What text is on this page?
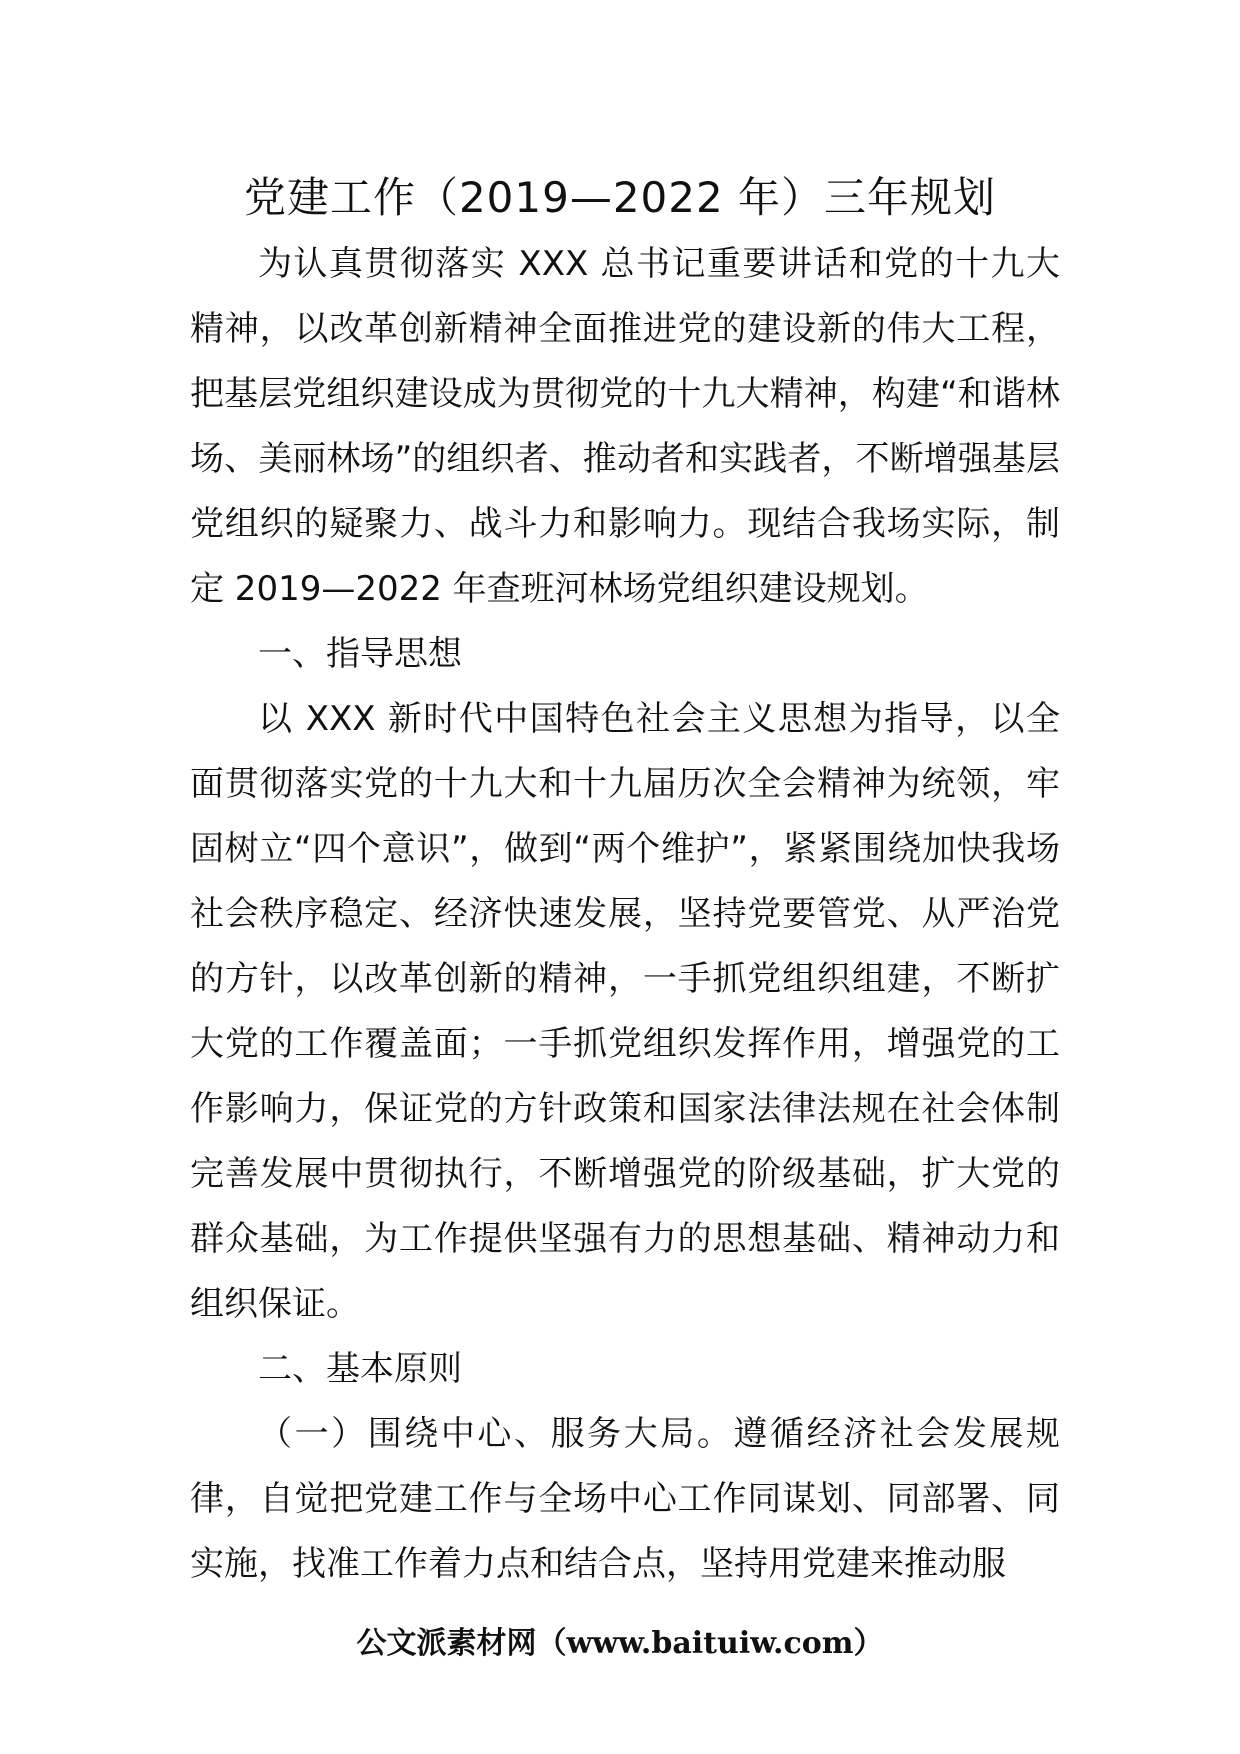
党建工作（2019—2022 年）三年规划

为认真贯彻落实 XXX 总书记重要讲话和党的十九大精神，以改革创新精神全面推进党的建设新的伟大工程，把基层党组织建设成为贯彻党的十九大精神，构建“和谐林场、美丽林场”的组织者、推动者和实践者，不断增强基层党组织的疑聚力、战斗力和影响力。现结合我场实际，制定 2019—2022 年查班河林场党组织建设规划。

一、指导思想

以 XXX 新时代中国特色社会主义思想为指导，以全面贯彻落实党的十九大和十九届历次全会精神为统领，牢固树立“四个意识”，做到“两个维护”，紧紧围绕加快我场社会秩序稳定、经济快速发展，坚持党要管党、从严治党的方针，以改革创新的精神，一手抓党组织组建，不断扩大党的工作覆盖面；一手抓党组织发挥作用，增强党的工作影响力，保证党的方针政策和国家法律法规在社会体制完善发展中贯彻执行，不断增强党的阶级基础，扩大党的群众基础，为工作提供坚强有力的思想基础、精神动力和组织保证。

二、基本原则

（一）围绕中心、服务大局。遵循经济社会发展规律，自觉把党建工作与全场中心工作同谋划、同部署、同实施，找准工作着力点和结合点，坚持用党建来推动服

公文派素材网（www.baituiw.com）
